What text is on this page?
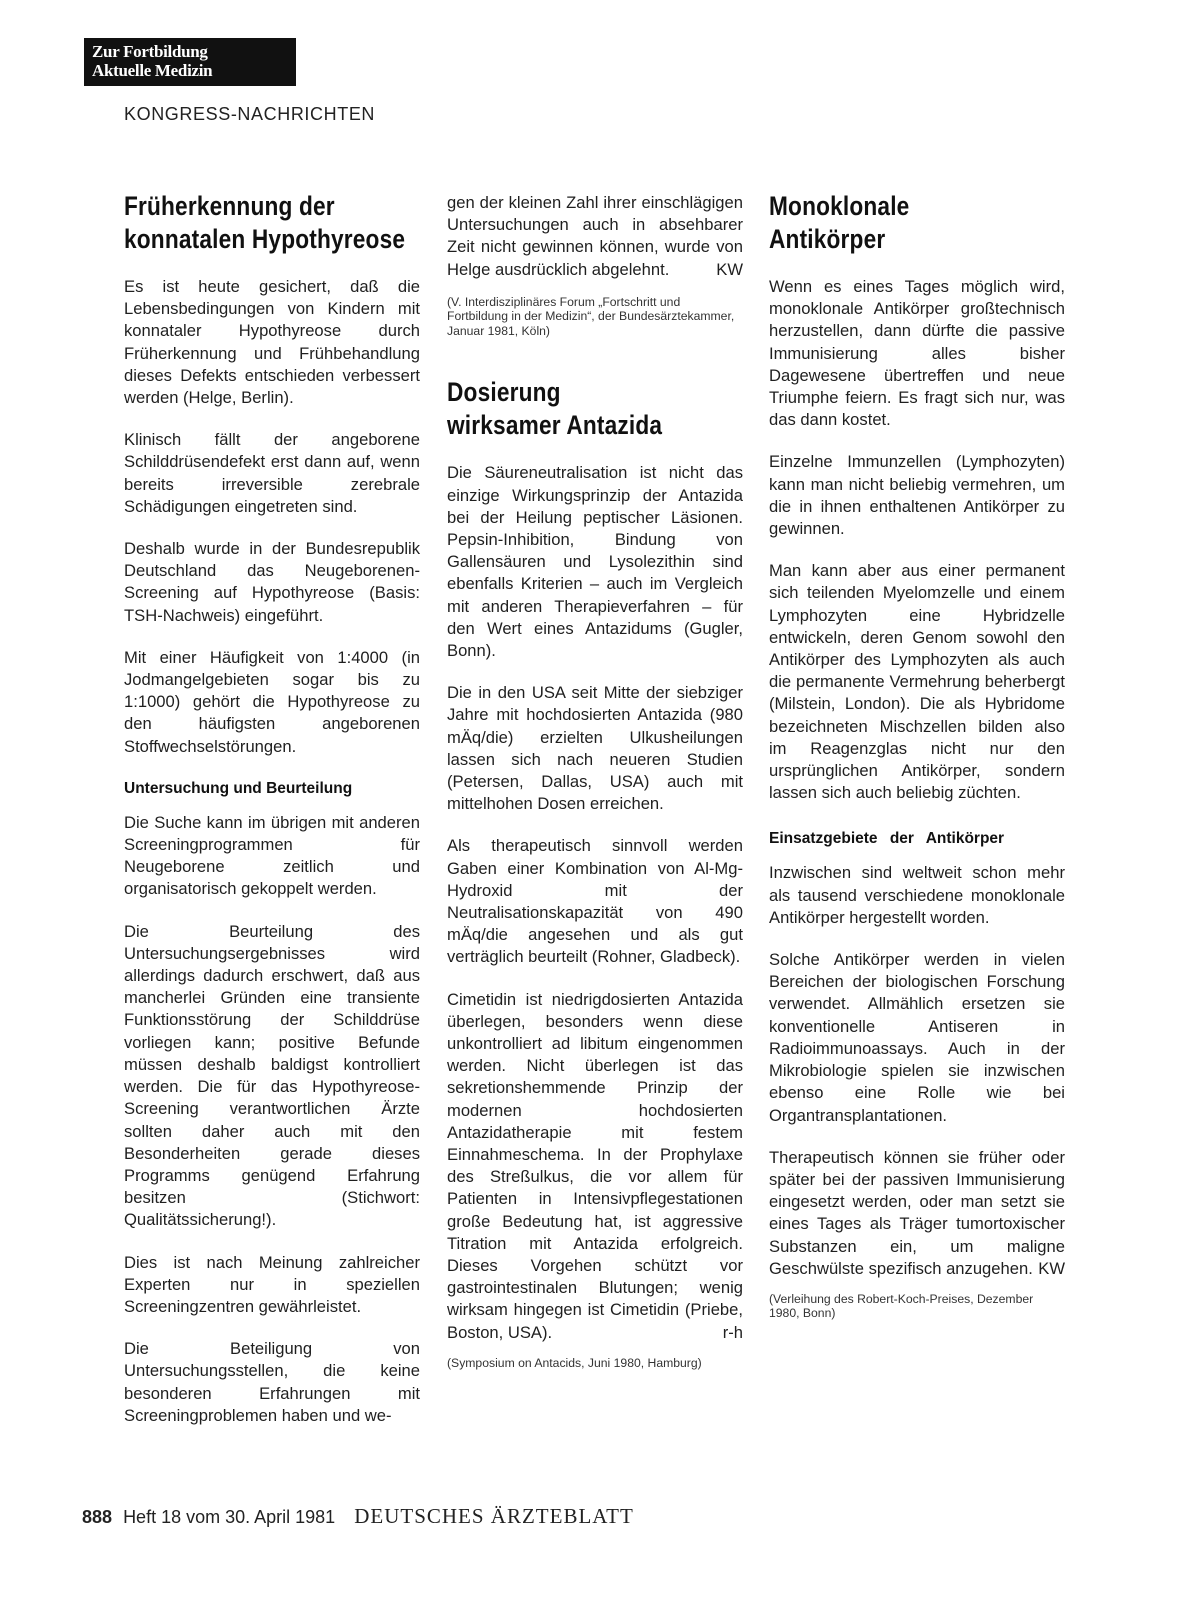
Zur Fortbildung
Aktuelle Medizin
KONGRESS-NACHRICHTEN
Früherkennung der
konnatalen Hypothyreose

Es ist heute gesichert, daß die Lebensbedingungen von Kindern mit konnataler Hypothyreose durch Früherkennung und Frühbehandlung dieses Defekts entschieden verbessert werden (Helge, Berlin).

Klinisch fällt der angeborene Schilddrüsendefekt erst dann auf, wenn bereits irreversible zerebrale Schädigungen eingetreten sind.

Deshalb wurde in der Bundesrepublik Deutschland das Neugeborenen-Screening auf Hypothyreose (Basis: TSH-Nachweis) eingeführt.

Mit einer Häufigkeit von 1:4000 (in Jodmangelgebieten sogar bis zu 1:1000) gehört die Hypothyreose zu den häufigsten angeborenen Stoffwechselstörungen.

Untersuchung und Beurteilung

Die Suche kann im übrigen mit anderen Screeningprogrammen für Neugeborene zeitlich und organisatorisch gekoppelt werden.

Die Beurteilung des Untersuchungsergebnisses wird allerdings dadurch erschwert, daß aus mancherlei Gründen eine transiente Funktionsstörung der Schilddrüse vorliegen kann; positive Befunde müssen deshalb baldigst kontrolliert werden. Die für das Hypothyreose-Screening verantwortlichen Ärzte sollten daher auch mit den Besonderheiten gerade dieses Programms genügend Erfahrung besitzen (Stichwort: Qualitätssicherung!).

Dies ist nach Meinung zahlreicher Experten nur in speziellen Screeningzentren gewährleistet.

Die Beteiligung von Untersuchungsstellen, die keine besonderen Erfahrungen mit Screeningproblemen haben und we-

gen der kleinen Zahl ihrer einschlägigen Untersuchungen auch in absehbarer Zeit nicht gewinnen können, wurde von Helge ausdrücklich abgelehnt.	KW

(V. Interdisziplinäres Forum „Fortschritt und Fortbildung in der Medizin“, der Bundesärztekammer, Januar 1981, Köln)
Dosierung
wirksamer Antazida

Die Säureneutralisation ist nicht das einzige Wirkungsprinzip der Antazida bei der Heilung peptischer Läsionen. Pepsin-Inhibition, Bindung von Gallensäuren und Lysolezithin sind ebenfalls Kriterien – auch im Vergleich mit anderen Therapieverfahren – für den Wert eines Antazidums (Gugler, Bonn).

Die in den USA seit Mitte der siebziger Jahre mit hochdosierten Antazida (980 mÄq/die) erzielten Ulkusheilungen lassen sich nach neueren Studien (Petersen, Dallas, USA) auch mit mittelhohen Dosen erreichen.

Als therapeutisch sinnvoll werden Gaben einer Kombination von Al-Mg-Hydroxid mit der Neutralisationskapazität von 490 mÄq/die angesehen und als gut verträglich beurteilt (Rohner, Gladbeck).

Cimetidin ist niedrigdosierten Antazida überlegen, besonders wenn diese unkontrolliert ad libitum eingenommen werden. Nicht überlegen ist das sekretionshemmende Prinzip der modernen hochdosierten Antazidatherapie mit festem Einnahmeschema. In der Prophylaxe des Streßulkus, die vor allem für Patienten in Intensivpflegestationen große Bedeutung hat, ist aggressive Titration mit Antazida erfolgreich. Dieses Vorgehen schützt vor gastrointestinalen Blutungen; wenig wirksam hingegen ist Cimetidin (Priebe, Boston, USA).	r-h

(Symposium on Antacids, Juni 1980, Hamburg)
Monoklonale
Antikörper

Wenn es eines Tages möglich wird, monoklonale Antikörper großtechnisch herzustellen, dann dürfte die passive Immunisierung alles bisher Dagewesene übertreffen und neue Triumphe feiern. Es fragt sich nur, was das dann kostet.

Einzelne Immunzellen (Lymphozyten) kann man nicht beliebig vermehren, um die in ihnen enthaltenen Antikörper zu gewinnen.

Man kann aber aus einer permanent sich teilenden Myelomzelle und einem Lymphozyten eine Hybridzelle entwickeln, deren Genom sowohl den Antikörper des Lymphozyten als auch die permanente Vermehrung beherbergt (Milstein, London). Die als Hybridome bezeichneten Mischzellen bilden also im Reagenzglas nicht nur den ursprünglichen Antikörper, sondern lassen sich auch beliebig züchten.

Einsatzgebiete der Antikörper

Inzwischen sind weltweit schon mehr als tausend verschiedene monoklonale Antikörper hergestellt worden.

Solche Antikörper werden in vielen Bereichen der biologischen Forschung verwendet. Allmählich ersetzen sie konventionelle Antiseren in Radioimmunoassays. Auch in der Mikrobiologie spielen sie inzwischen ebenso eine Rolle wie bei Organtransplantationen.

Therapeutisch können sie früher oder später bei der passiven Immunisierung eingesetzt werden, oder man setzt sie eines Tages als Träger tumortoxischer Substanzen ein, um maligne Geschwülste spezifisch anzugehen. KW

(Verleihung des Robert-Koch-Preises, Dezember 1980, Bonn)
888 Heft 18 vom 30. April 1981 DEUTSCHES ÄRZTEBLATT
